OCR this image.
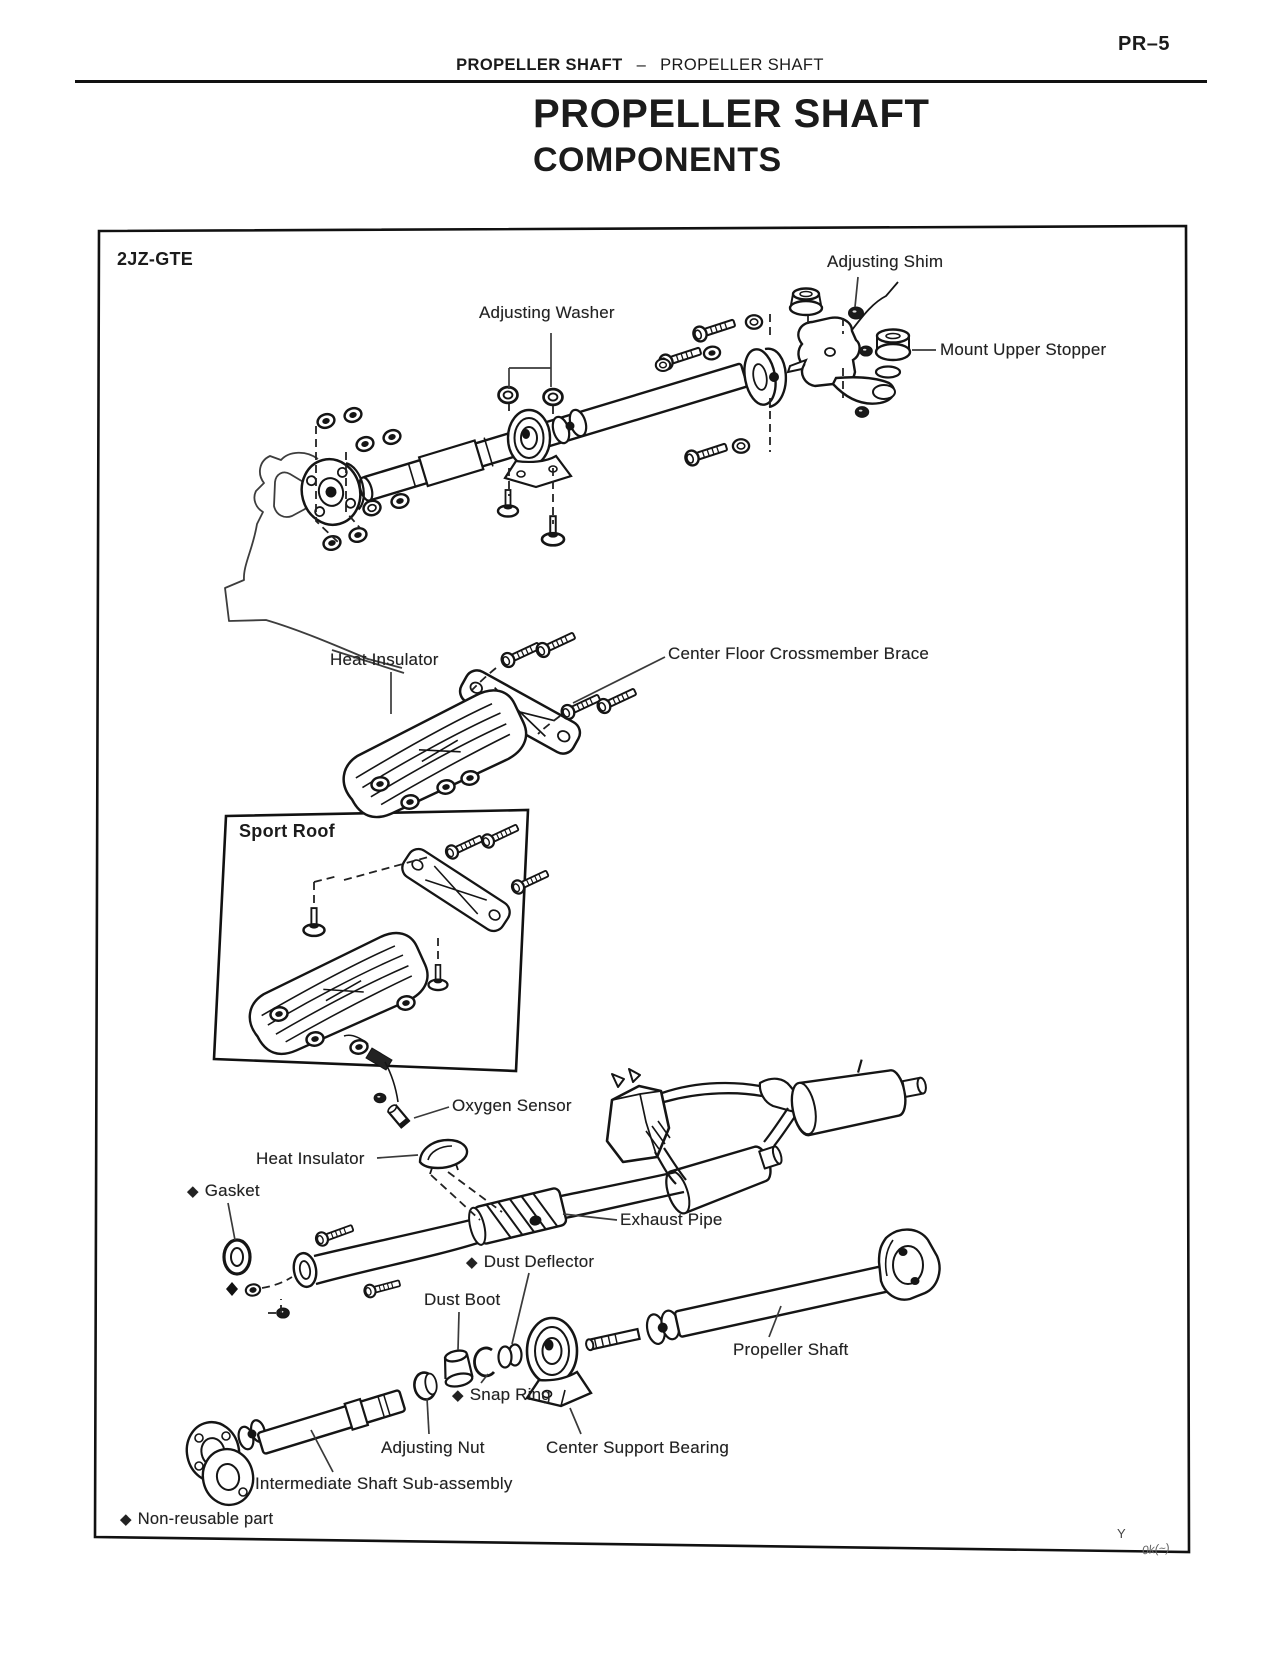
PR–5
PROPELLER SHAFT – PROPELLER SHAFT
PROPELLER SHAFT
COMPONENTS
2JZ-GTE
Adjusting Washer
Adjusting Shim
Mount Upper Stopper
Heat Insulator	Center Floor Crossmember Brace
Sport Roof
Oxygen Sensor
Heat Insulator
◆ Gasket
Exhaust Pipe
◆ Dust Deflector
Dust Boot
Propeller Shaft
◆ Snap Ring
Adjusting Nut	Center Support Bearing
Intermediate Shaft Sub-assembly
◆ Non-reusable part
Y
0k(~)
